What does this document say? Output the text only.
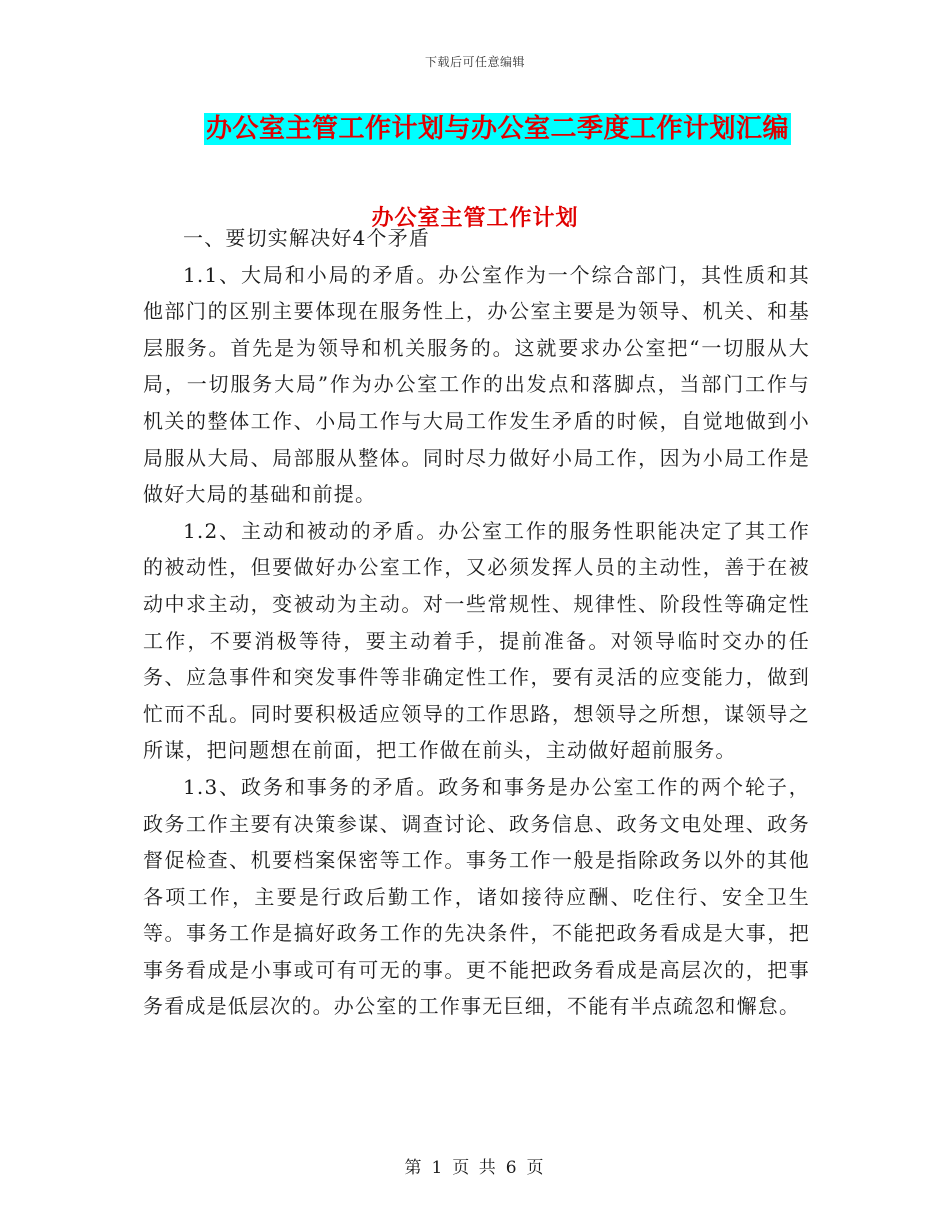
下载后可任意编辑
办公室主管工作计划与办公室二季度工作计划汇编
办公室主管工作计划

一、要切实解决好4个矛盾

1.1、大局和小局的矛盾。办公室作为一个综合部门，其性质和其他部门的区别主要体现在服务性上，办公室主要是为领导、机关、和基层服务。首先是为领导和机关服务的。这就要求办公室把“一切服从大局，一切服务大局”作为办公室工作的出发点和落脚点，当部门工作与机关的整体工作、小局工作与大局工作发生矛盾的时候，自觉地做到小局服从大局、局部服从整体。同时尽力做好小局工作，因为小局工作是做好大局的基础和前提。

1.2、主动和被动的矛盾。办公室工作的服务性职能决定了其工作的被动性，但要做好办公室工作，又必须发挥人员的主动性，善于在被动中求主动，变被动为主动。对一些常规性、规律性、阶段性等确定性工作，不要消极等待，要主动着手，提前准备。对领导临时交办的任务、应急事件和突发事件等非确定性工作，要有灵活的应变能力，做到忙而不乱。同时要积极适应领导的工作思路，想领导之所想，谋领导之所谋，把问题想在前面，把工作做在前头，主动做好超前服务。

1.3、政务和事务的矛盾。政务和事务是办公室工作的两个轮子，政务工作主要有决策参谋、调查讨论、政务信息、政务文电处理、政务督促检查、机要档案保密等工作。事务工作一般是指除政务以外的其他各项工作，主要是行政后勤工作，诸如接待应酬、吃住行、安全卫生等。事务工作是搞好政务工作的先决条件，不能把政务看成是大事，把事务看成是小事或可有可无的事。更不能把政务看成是高层次的，把事务看成是低层次的。办公室的工作事无巨细，不能有半点疏忽和懈怠。

第 1 页 共 6 页
